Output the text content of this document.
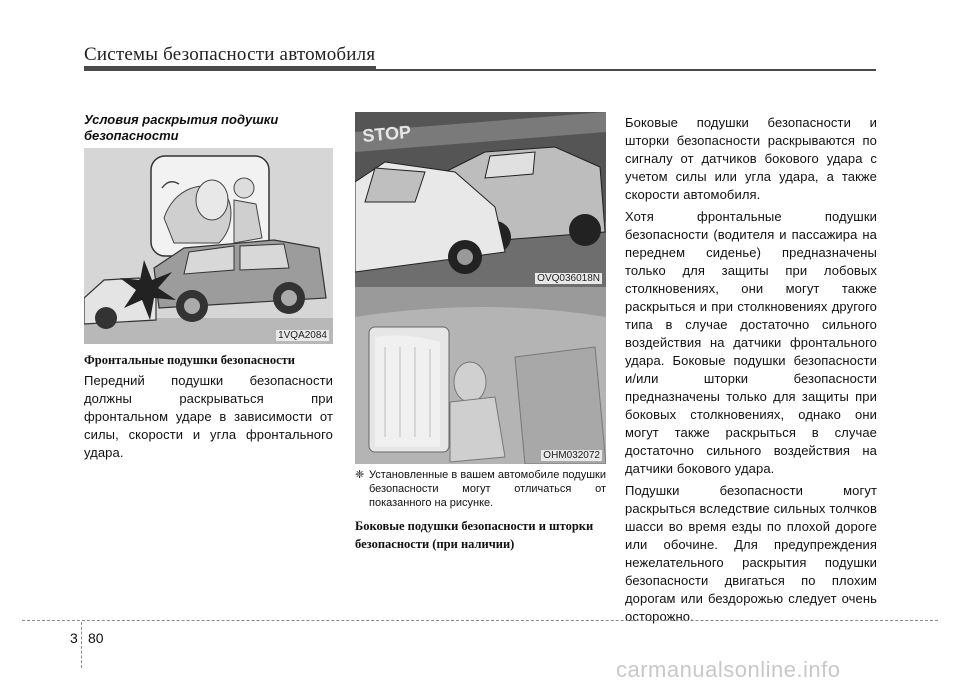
Системы безопасности автомобиля
Условия раскрытия подушки безопасности
1VQA2084
Фронтальные подушки безопасности
Передний подушки безопасности должны раскрываться при фронтальном ударе в зависимости от силы, скорости и угла фронтального удара.
STOP
OVQ036018N
OHM032072
❈ Установленные в вашем автомобиле подушки безопасности могут отличаться от показанного на рисунке.
Боковые подушки безопасности и шторки безопасности (при наличии)
Боковые подушки безопасности и шторки безопасности раскрываются по сигналу от датчиков бокового удара с учетом силы или угла удара, а также скорости автомобиля.
Хотя фронтальные подушки безопасности (водителя и пассажира на переднем сиденье) предназначены только для защиты при лобовых столкновениях, они могут также раскрыться и при столкновениях другого типа в случае достаточно сильного воздействия на датчики фронтального удара. Боковые подушки безопасности и/или шторки безопасности предназначены только для защиты при боковых столкновениях, однако они могут также раскрыться в случае достаточно сильного воздействия на датчики бокового удара.
Подушки безопасности могут раскрыться вследствие сильных толчков шасси во время езды по плохой дороге или обочине. Для предупреждения нежелательного раскрытия подушки безопасности двигаться по плохим дорогам или бездорожью следует очень осторожно.
3 80
carmanualsonline.info
